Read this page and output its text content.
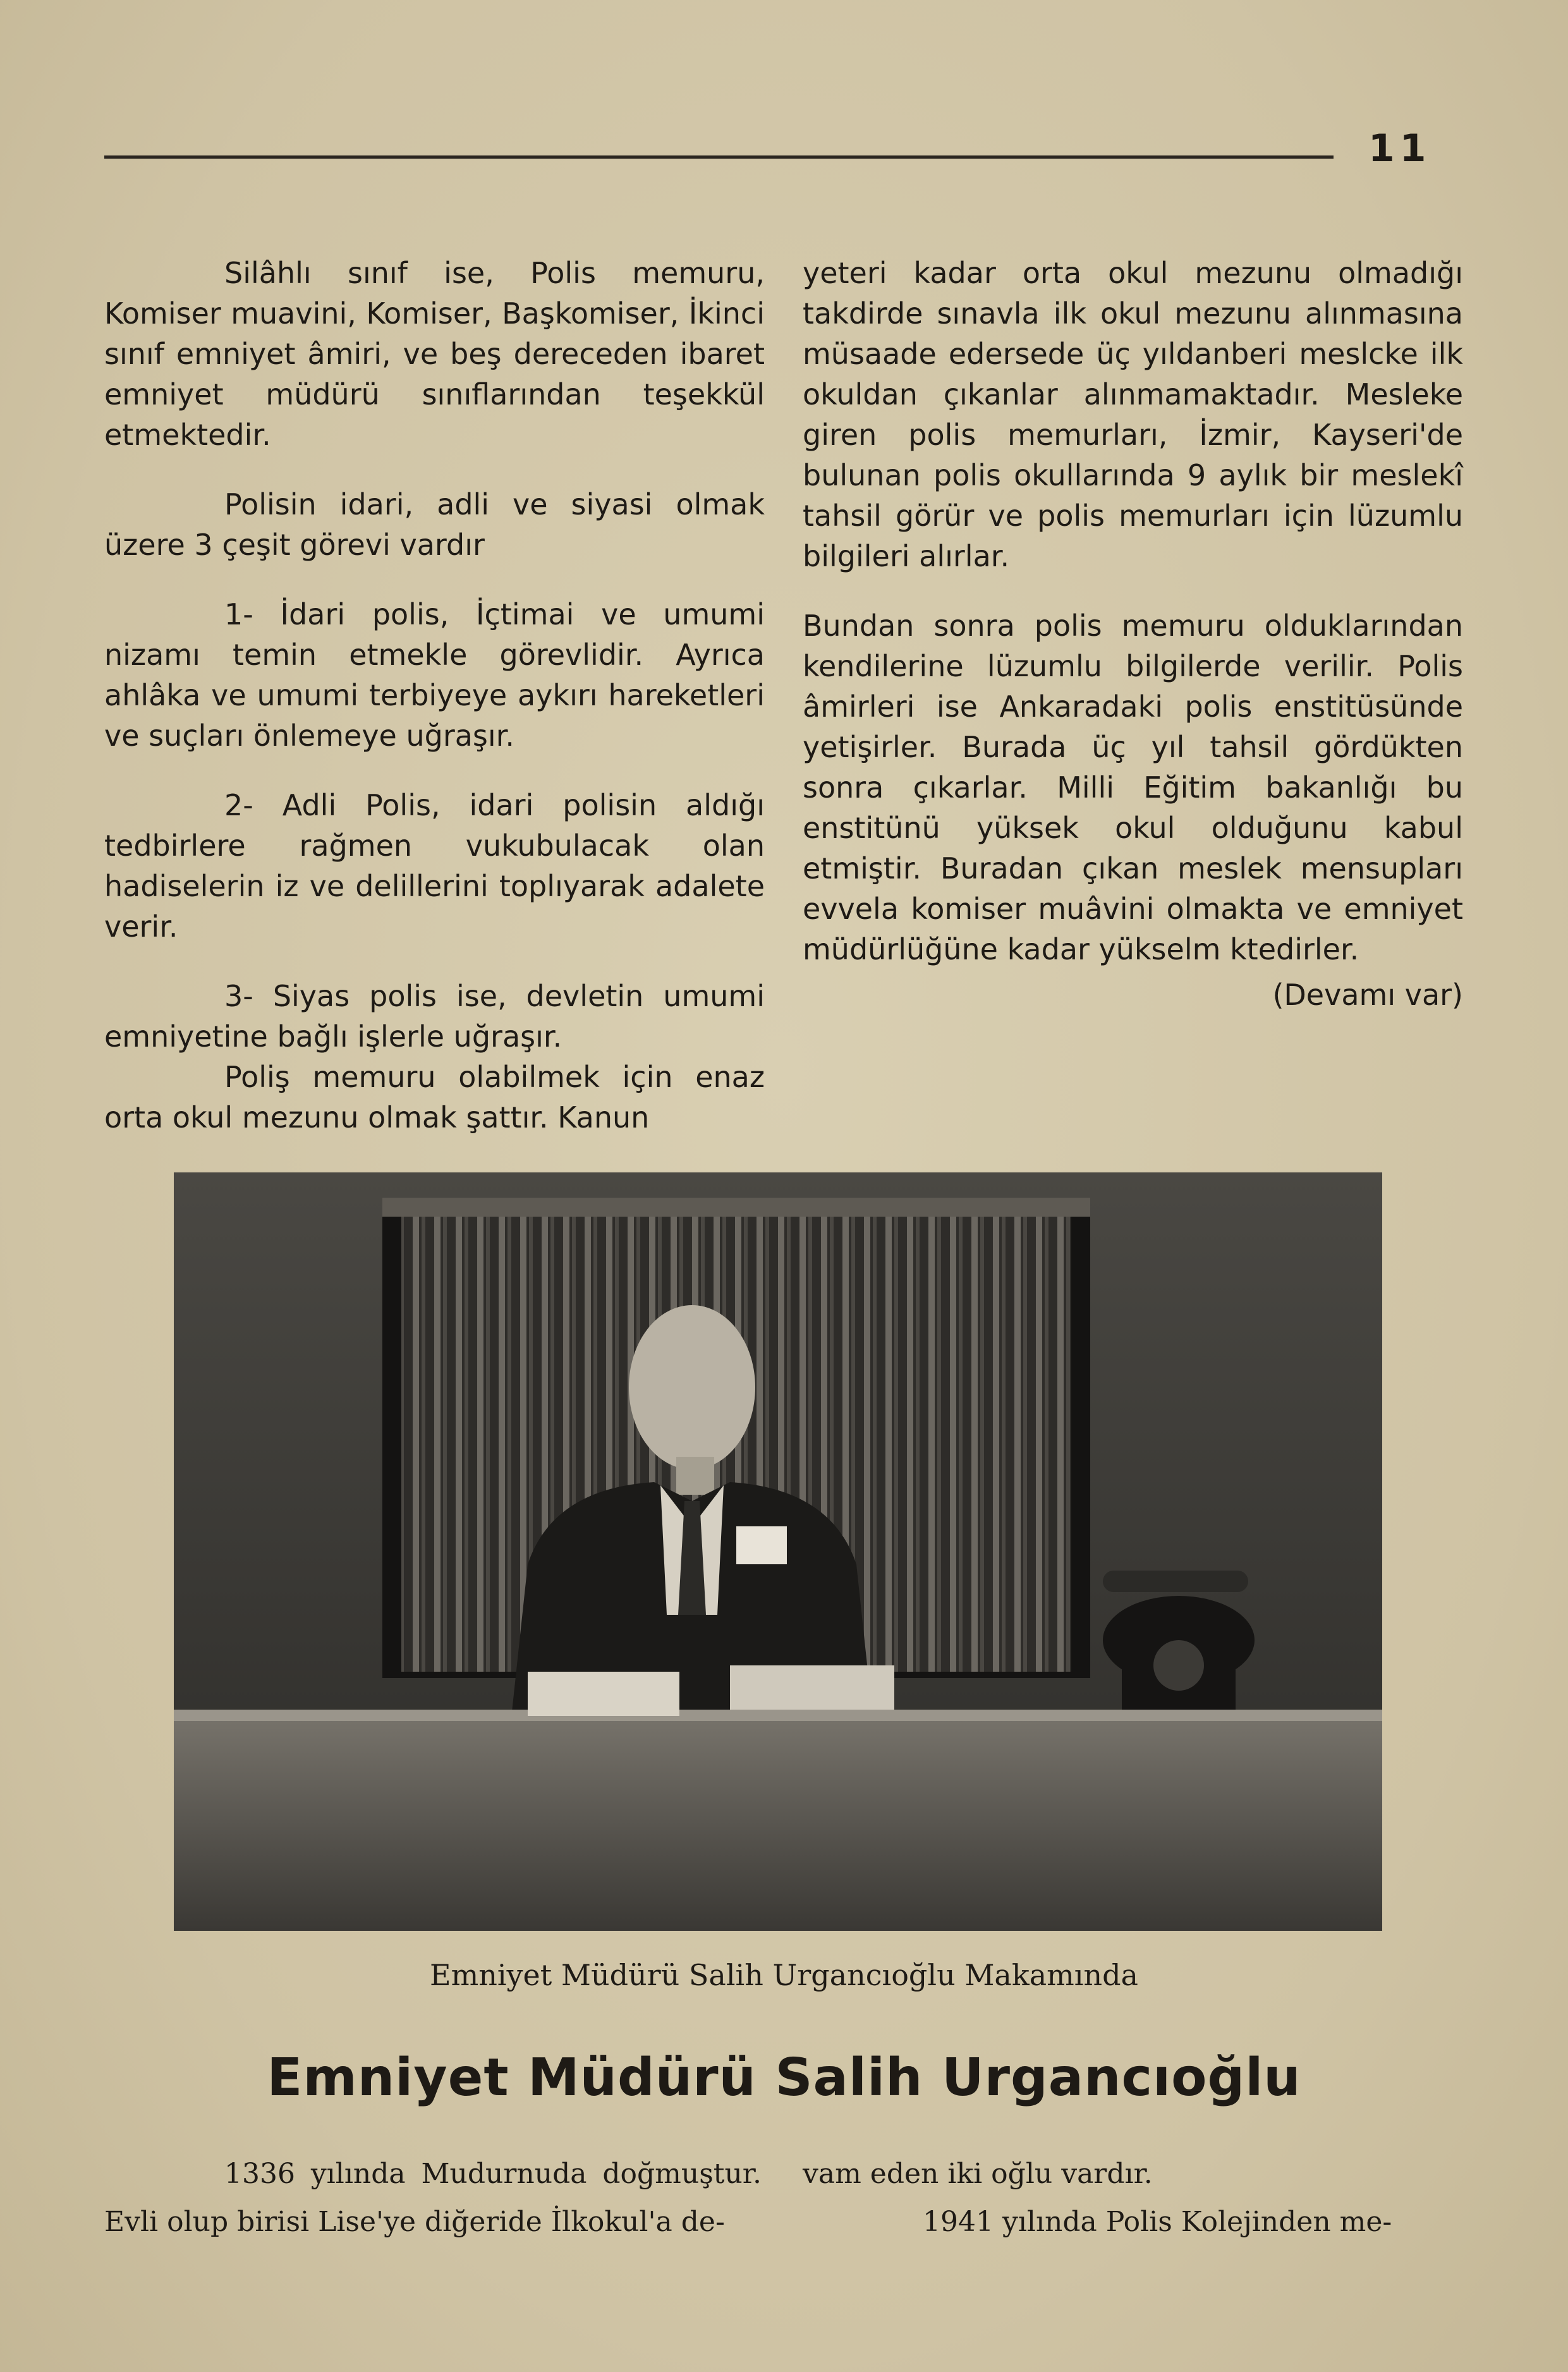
11

Silâhlı sınıf ise, Polis memuru, Komiser muavini, Komiser, Başkomiser, İkinci sınıf emniyet âmiri, ve beş dereceden ibaret emniyet müdürü sınıflarından teşekkül etmektedir.

Polisin idari, adli ve siyasi olmak üzere 3 çeşit görevi vardır

1- İdari polis, İçtimai ve umumi nizamı temin etmekle görevlidir. Ayrıca ahlâka ve umumi terbiyeye aykırı hareketleri ve suçları önlemeye uğraşır.

2- Adli Polis, idari polisin aldığı tedbirlere rağmen vukubulacak olan hadiselerin iz ve delillerini toplıyarak adalete verir.

3- Siyas polis ise, devletin umumi emniyetine bağlı işlerle uğraşır.

Poliş memuru olabilmek için enaz orta okul mezunu olmak şattır. Kanun

yeteri kadar orta okul mezunu olmadığı takdirde sınavla ilk okul mezunu alınmasına müsaade edersede üç yıldanberi meslcke ilk okuldan çıkanlar alınmamaktadır. Mesleke giren polis memurları, İzmir, Kayseri'de bulunan polis okullarında 9 aylık bir meslekî tahsil görür ve polis memurları için lüzumlu bilgileri alırlar.

Bundan sonra polis memuru olduklarından kendilerine lüzumlu bilgilerde verilir. Polis âmirleri ise Ankaradaki polis enstitüsünde yetişirler. Burada üç yıl tahsil gördükten sonra çıkarlar. Milli Eğitim bakanlığı bu enstitünü yüksek okul olduğunu kabul etmiştir. Buradan çıkan meslek mensupları evvela komiser muâvini olmakta ve emniyet müdürlüğüne kadar yükselm ktedirler.

(Devamı var)

Emniyet Müdürü Salih Urgancıoğlu Makamında
Emniyet Müdürü Salih Urgancıoğlu

1336 yılında Mudurnuda doğmuştur. Evli olup birisi Lise'ye diğeride İlkokul'a de-

vam eden iki oğlu vardır.

1941 yılında Polis Kolejinden me-
